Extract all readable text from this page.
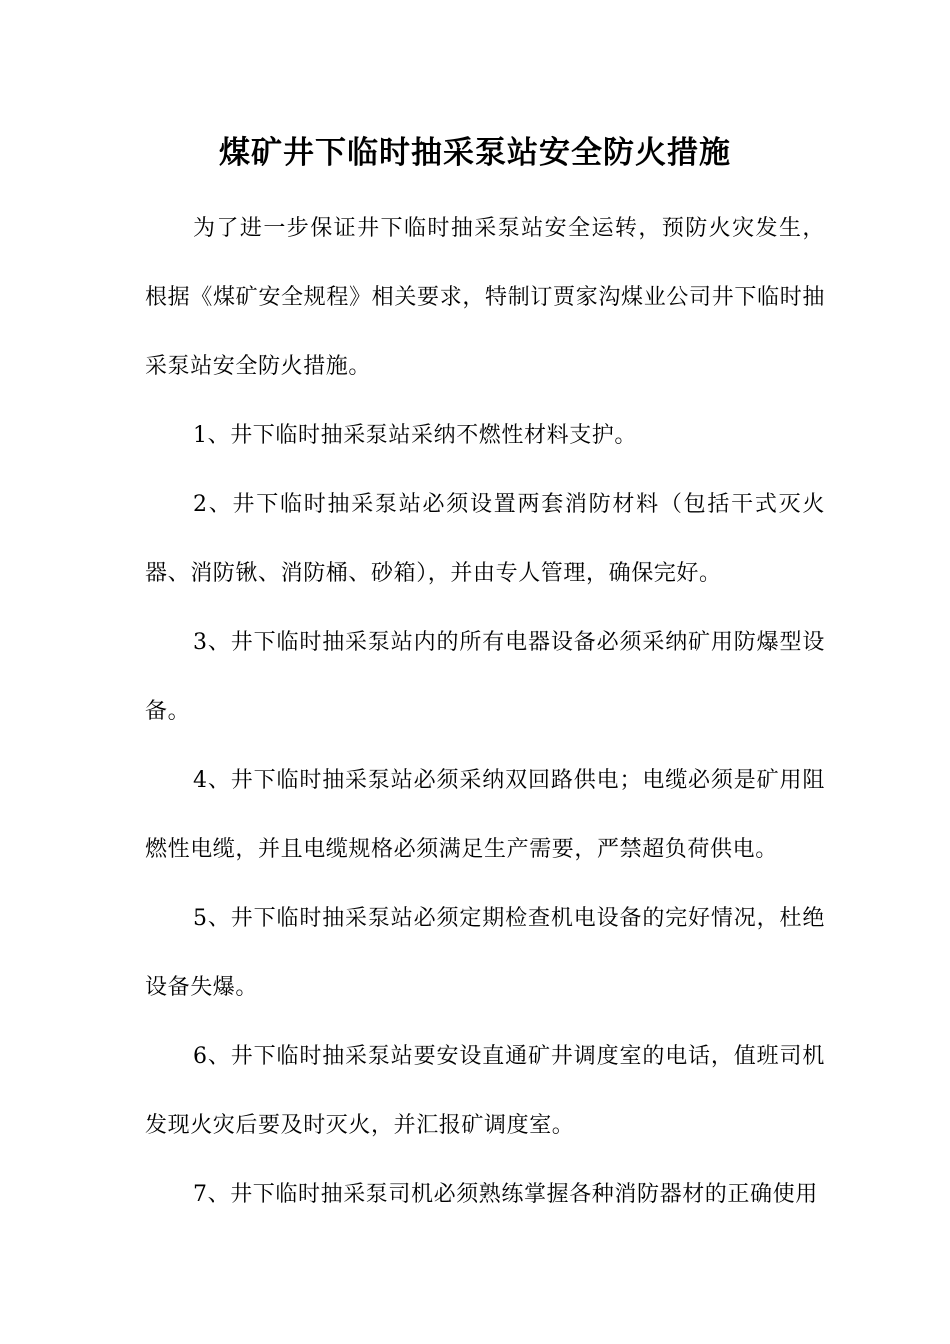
煤矿井下临时抽采泵站安全防火措施

为了进一步保证井下临时抽采泵站安全运转，预防火灾发生，根据《煤矿安全规程》相关要求，特制订贾家沟煤业公司井下临时抽采泵站安全防火措施。

1、井下临时抽采泵站采纳不燃性材料支护。

2、井下临时抽采泵站必须设置两套消防材料（包括干式灭火器、消防锹、消防桶、砂箱），并由专人管理，确保完好。

3、井下临时抽采泵站内的所有电器设备必须采纳矿用防爆型设备。

4、井下临时抽采泵站必须采纳双回路供电；电缆必须是矿用阻燃性电缆，并且电缆规格必须满足生产需要，严禁超负荷供电。

5、井下临时抽采泵站必须定期检查机电设备的完好情况，杜绝设备失爆。

6、井下临时抽采泵站要安设直通矿井调度室的电话，值班司机发现火灾后要及时灭火，并汇报矿调度室。

7、井下临时抽采泵司机必须熟练掌握各种消防器材的正确使用
